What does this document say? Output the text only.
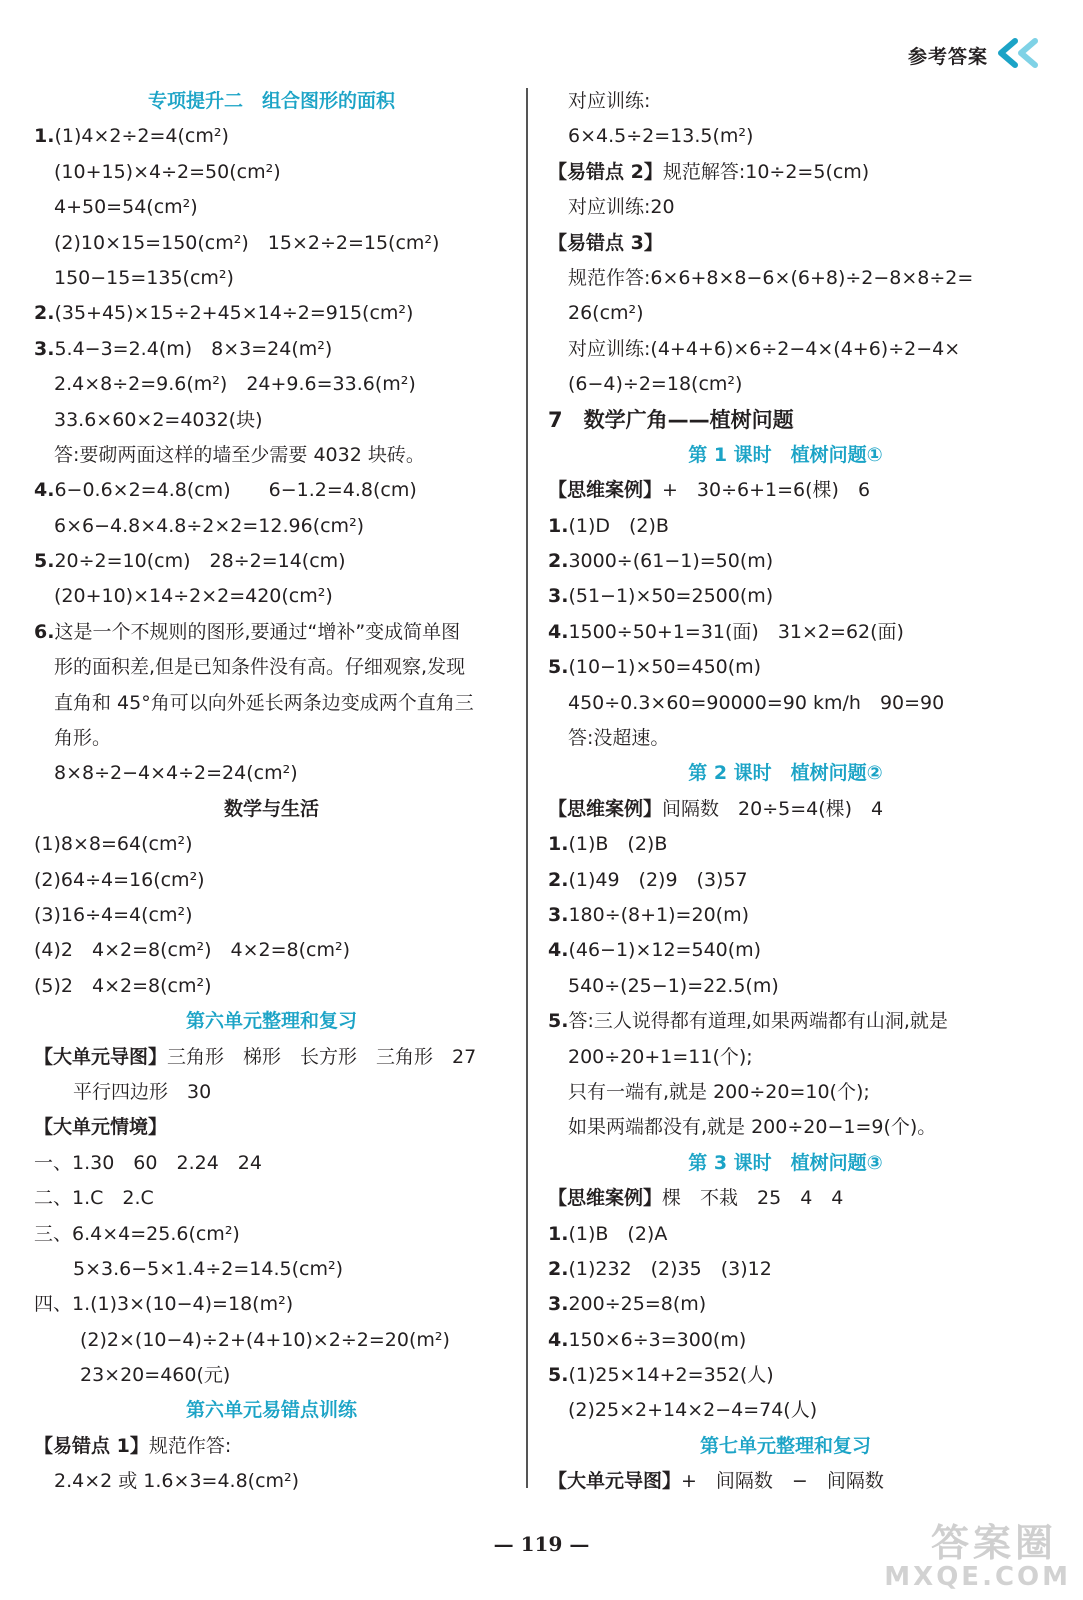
参考答案
专项提升二　组合图形的面积
1.(1)4×2÷2=4(cm²)
(10+15)×4÷2=50(cm²)
4+50=54(cm²)
(2)10×15=150(cm²)　15×2÷2=15(cm²)
150−15=135(cm²)
2.(35+45)×15÷2+45×14÷2=915(cm²)
3.5.4−3=2.4(m)　8×3=24(m²)
2.4×8÷2=9.6(m²)　24+9.6=33.6(m²)
33.6×60×2=4032(块)
答:要砌两面这样的墙至少需要 4032 块砖。
4.6−0.6×2=4.8(cm)　　6−1.2=4.8(cm)
6×6−4.8×4.8÷2×2=12.96(cm²)
5.20÷2=10(cm)　28÷2=14(cm)
(20+10)×14÷2×2=420(cm²)
6.这是一个不规则的图形,要通过“增补”变成简单图
形的面积差,但是已知条件没有高。仔细观察,发现
直角和 45°角可以向外延长两条边变成两个直角三
角形。
8×8÷2−4×4÷2=24(cm²)
数学与生活
(1)8×8=64(cm²)
(2)64÷4=16(cm²)
(3)16÷4=4(cm²)
(4)2　4×2=8(cm²)　4×2=8(cm²)
(5)2　4×2=8(cm²)
第六单元整理和复习
【大单元导图】三角形　梯形　长方形　三角形　27
　平行四边形　30
【大单元情境】
一、1.30　60　2.24　24
二、1.C　2.C
三、6.4×4=25.6(cm²)
　5×3.6−5×1.4÷2=14.5(cm²)
四、1.(1)3×(10−4)=18(m²)
(2)2×(10−4)÷2+(4+10)×2÷2=20(m²)
23×20=460(元)
第六单元易错点训练
【易错点 1】规范作答:
2.4×2 或 1.6×3=4.8(cm²)
对应训练:
6×4.5÷2=13.5(m²)
【易错点 2】规范解答:10÷2=5(cm)
对应训练:20
【易错点 3】
规范作答:6×6+8×8−6×(6+8)÷2−8×8÷2=
26(cm²)
对应训练:(4+4+6)×6÷2−4×(4+6)÷2−4×
(6−4)÷2=18(cm²)
7　数学广角——植树问题
第 1 课时　植树问题①
【思维案例】+　30÷6+1=6(棵)　6
1.(1)D　(2)B
2.3000÷(61−1)=50(m)
3.(51−1)×50=2500(m)
4.1500÷50+1=31(面)　31×2=62(面)
5.(10−1)×50=450(m)
450÷0.3×60=90000=90 km/h　90=90
答:没超速。
第 2 课时　植树问题②
【思维案例】间隔数　20÷5=4(棵)　4
1.(1)B　(2)B
2.(1)49　(2)9　(3)57
3.180÷(8+1)=20(m)
4.(46−1)×12=540(m)
540÷(25−1)=22.5(m)
5.答:三人说得都有道理,如果两端都有山洞,就是
200÷20+1=11(个);
只有一端有,就是 200÷20=10(个);
如果两端都没有,就是 200÷20−1=9(个)。
第 3 课时　植树问题③
【思维案例】棵　不栽　25　4　4
1.(1)B　(2)A
2.(1)232　(2)35　(3)12
3.200÷25=8(m)
4.150×6÷3=300(m)
5.(1)25×14+2=352(人)
(2)25×2+14×2−4=74(人)
第七单元整理和复习
【大单元导图】+　间隔数　−　间隔数
— 119 —	答案圈
MXQE.COM
